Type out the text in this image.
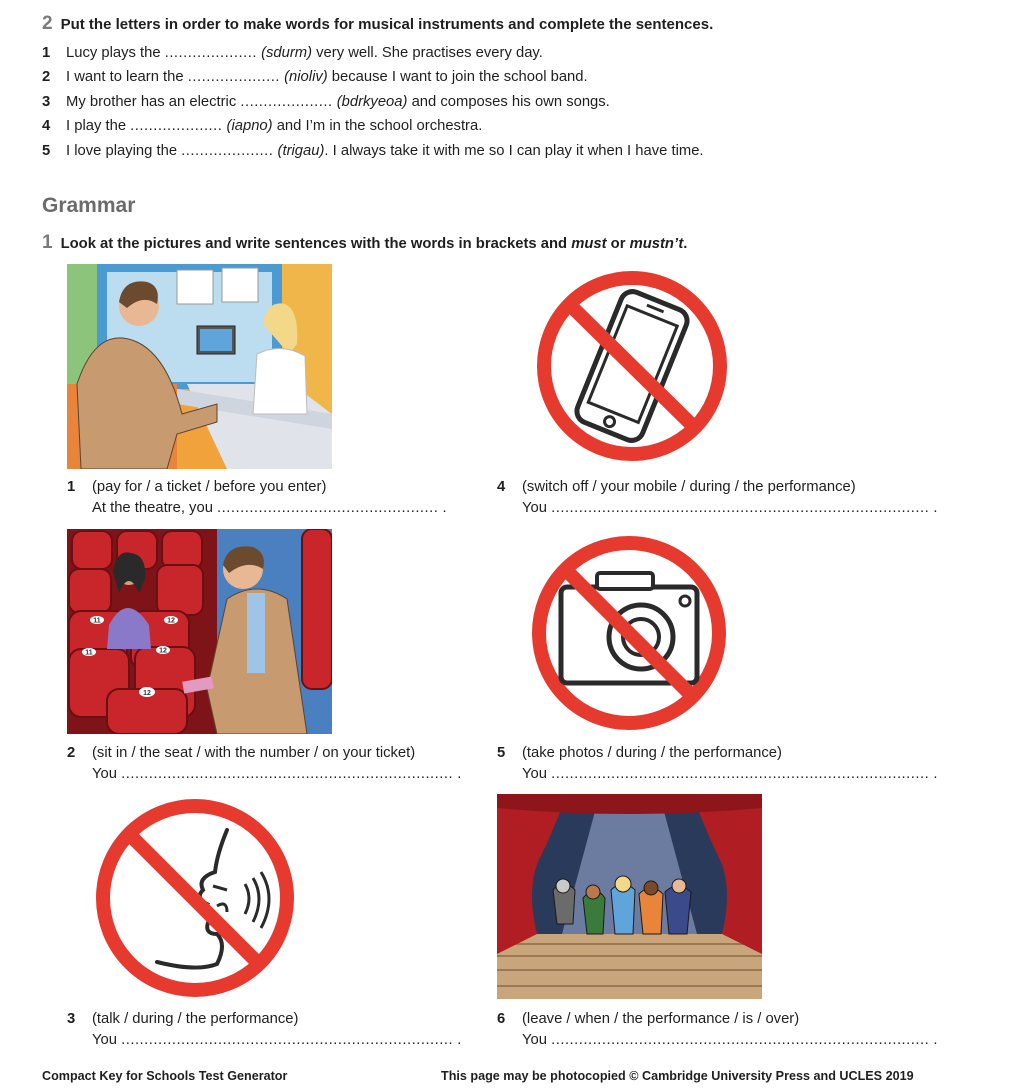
2 Put the letters in order to make words for musical instruments and complete the sentences.
1 Lucy plays the .................... (sdurm) very well. She practises every day.
2 I want to learn the .................... (nioliv) because I want to join the school band.
3 My brother has an electric .................... (bdrkyeoa) and composes his own songs.
4 I play the .................... (iapno) and I’m in the school orchestra.
5 I love playing the .................... (trigau). I always take it with me so I can play it when I have time.
Grammar
1 Look at the pictures and write sentences with the words in brackets and must or mustn’t.
1 (pay for / a ticket / before you enter)
At the theatre, you ................................................ .
4 (switch off / your mobile / during / the performance)
You .................................................................................. .
11	12
11	12
12
2 (sit in / the seat / with the number / on your ticket)
You ........................................................................ .
5 (take photos / during / the performance)
You .................................................................................. .
3 (talk / during / the performance)
You ........................................................................ .
6 (leave / when / the performance / is / over)
You .................................................................................. .
Compact Key for Schools Test Generator	This page may be photocopied © Cambridge University Press and UCLES 2019
